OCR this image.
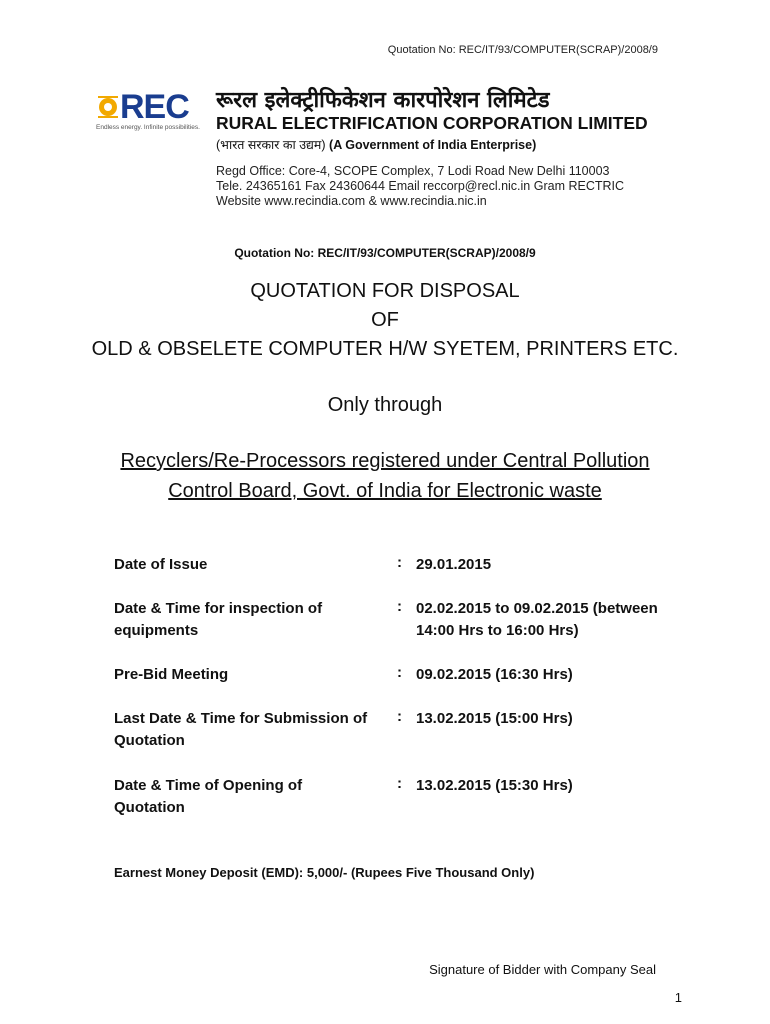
Quotation No: REC/IT/93/COMPUTER(SCRAP)/2008/9
REC
Endless energy. Infinite possibilities.
रूरल इलेक्ट्रीफिकेशन कारपोरेशन लिमिटेड
RURAL ELECTRIFICATION CORPORATION LIMITED
(भारत सरकार का उद्यम) (A Government of India Enterprise)
Regd Office: Core-4, SCOPE Complex, 7 Lodi Road New Delhi 110003
Tele. 24365161 Fax 24360644 Email reccorp@recl.nic.in Gram RECTRIC
Website www.recindia.com & www.recindia.nic.in
Quotation No: REC/IT/93/COMPUTER(SCRAP)/2008/9
QUOTATION FOR DISPOSAL
OF
OLD & OBSELETE COMPUTER H/W SYETEM, PRINTERS ETC.
Only through
Recyclers/Re-Processors registered under Central Pollution
Control Board, Govt. of India for Electronic waste
Date of Issue	: 29.01.2015
Date & Time for inspection of equipments
: 02.02.2015 to 09.02.2015 (between 14:00 Hrs to 16:00 Hrs)
Pre-Bid Meeting	: 09.02.2015 (16:30 Hrs)
Last Date & Time for Submission of Quotation
: 13.02.2015 (15:00 Hrs)
Date & Time of Opening of Quotation
: 13.02.2015 (15:30 Hrs)
Earnest Money Deposit (EMD): 5,000/- (Rupees Five Thousand Only)
Signature of Bidder with Company Seal
1
